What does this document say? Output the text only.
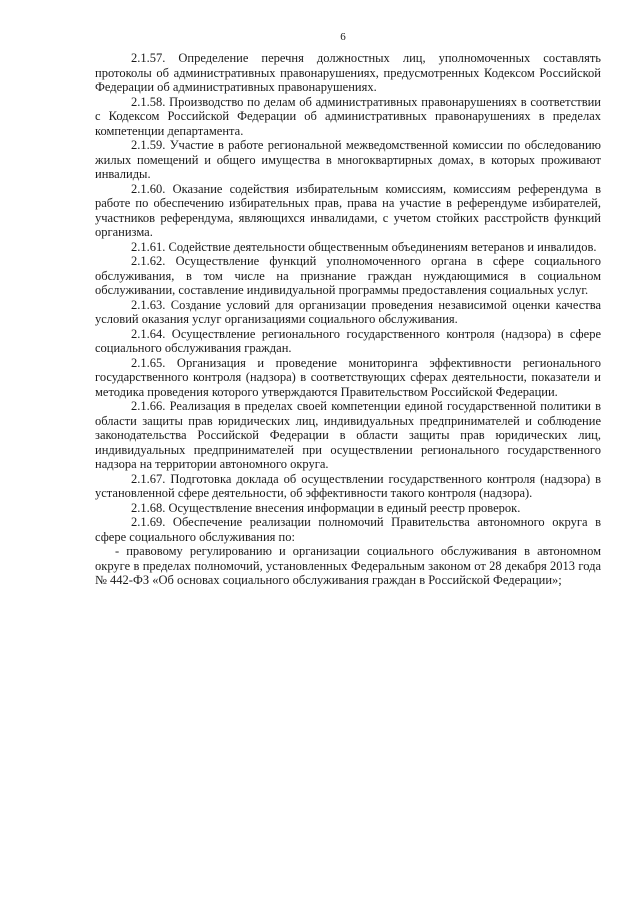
6

2.1.57. Определение перечня должностных лиц, уполномоченных составлять протоколы об административных правонарушениях, предусмотренных Кодексом Российской Федерации об административных правонарушениях.

2.1.58. Производство по делам об административных правонарушениях в соответствии с Кодексом Российской Федерации об административных правонарушениях в пределах компетенции департамента.

2.1.59. Участие в работе региональной межведомственной комиссии по обследованию жилых помещений и общего имущества в многоквартирных домах, в которых проживают инвалиды.

2.1.60. Оказание содействия избирательным комиссиям, комиссиям референдума в работе по обеспечению избирательных прав, права на участие в референдуме избирателей, участников референдума, являющихся инвалидами, с учетом стойких расстройств функций организма.

2.1.61. Содействие деятельности общественным объединениям ветеранов и инвалидов.

2.1.62. Осуществление функций уполномоченного органа в сфере социального обслуживания, в том числе на признание граждан нуждающимися в социальном обслуживании, составление индивидуальной программы предоставления социальных услуг.

2.1.63. Создание условий для организации проведения независимой оценки качества условий оказания услуг организациями социального обслуживания.

2.1.64. Осуществление регионального государственного контроля (надзора) в сфере социального обслуживания граждан.

2.1.65. Организация и проведение мониторинга эффективности регионального государственного контроля (надзора) в соответствующих сферах деятельности, показатели и методика проведения которого утверждаются Правительством Российской Федерации.

2.1.66. Реализация в пределах своей компетенции единой государственной политики в области защиты прав юридических лиц, индивидуальных предпринимателей и соблюдение законодательства Российской Федерации в области защиты прав юридических лиц, индивидуальных предпринимателей при осуществлении регионального государственного надзора на территории автономного округа.

2.1.67. Подготовка доклада об осуществлении государственного контроля (надзора) в установленной сфере деятельности, об эффективности такого контроля (надзора).

2.1.68. Осуществление внесения информации в единый реестр проверок.

2.1.69. Обеспечение реализации полномочий Правительства автономного округа в сфере социального обслуживания по:

- правовому регулированию и организации социального обслуживания в автономном округе в пределах полномочий, установленных Федеральным законом от 28 декабря 2013 года № 442-ФЗ «Об основах социального обслуживания граждан в Российской Федерации»;
